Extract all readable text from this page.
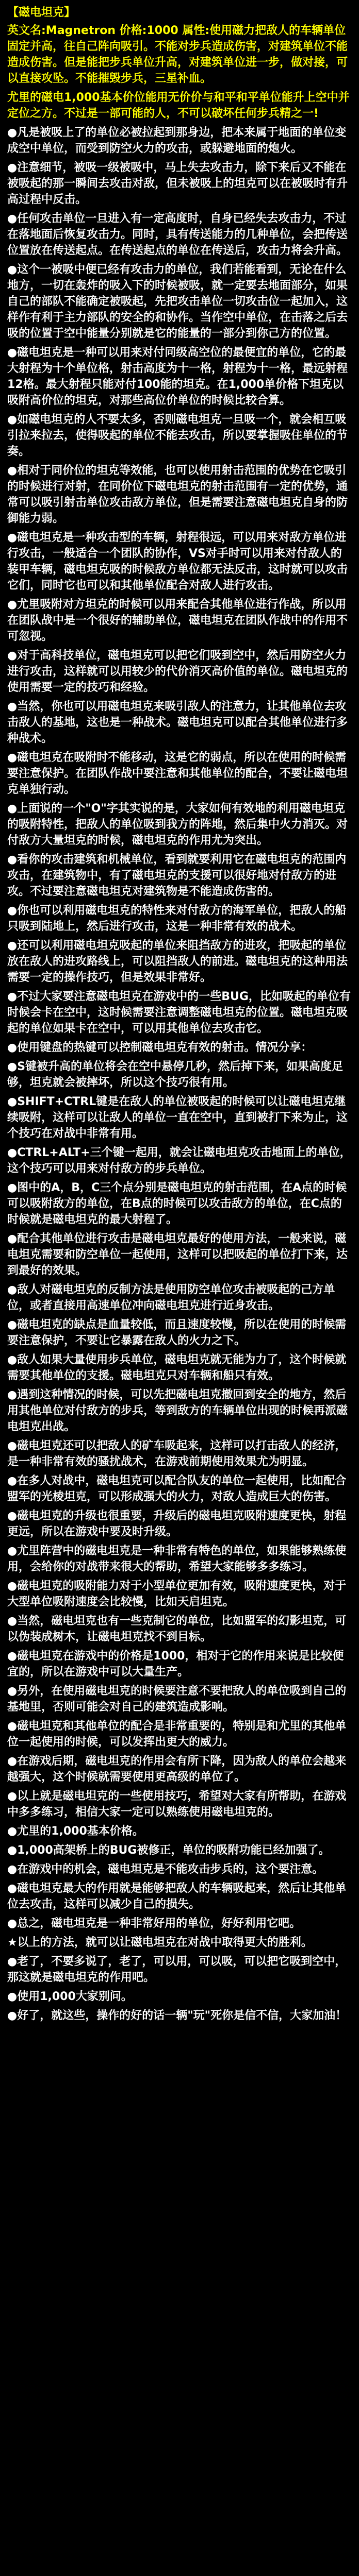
【磁电坦克】
英文名:Magnetron 价格:1000 属性:使用磁力把敌人的车辆单位固定并高，往自己阵向吸引。不能对步兵造成伤害，对建筑单位不能造成伤害。但是能把步兵单位升高，对建筑单位进一步，做对接，可以直接攻坠。不能摧毁步兵，三星补血。
尤里的磁电1,000基本价位能用无价价与和平和平单位能升上空中并定位之方。不过是一部可能的人，不可以破坏任何步兵精之一!
●凡是被吸上了的单位必被拉起到那身边，把本来属于地面的单位变成空中单位，而受到防空火力的攻击，或躲避地面的炮火。
●注意细节，被吸一级被吸中，马上失去攻击力，除下来后又不能在被吸起的那一瞬间去攻击对敌，但未被吸上的坦克可以在被吸时有升高过程中反击。
●任何攻击单位一旦进入有一定高度时，自身已经失去攻击力，不过在落地面后恢复攻击力。同时，具有传送能力的几种单位，会把传送位置放在传送起点。在传送起点的单位在传送后，攻击力将会升高。
●这个一被吸中便已经有攻击力的单位，我们若能看到，无论在什么地方，一切在轰炸的吸入下的时候被吸，就一定要去地面部分，如果自己的部队不能确定被吸起，先把攻击单位一切攻击位一起加入，这样作有利于主力部队的安全的和协作。当作空中单位，在击落之后去吸的位置于空中能量分别就是它的能量的一部分到你己方的位置。
●磁电坦克是一种可以用来对付同级高空位的最便宜的单位，它的最大射程为十个单位格，射击高度为十一格，射程为十一格，最远射程12格。最大射程只能对付100能的坦克。在1,000单价格下坦克以吸附高价位的坦克，对那些高位价单位的时候比较合算。
●如磁电坦克的人不要太多，否则磁电坦克一旦吸一个，就会相互吸引拉来拉去，使得吸起的单位不能去攻击，所以要掌握吸住单位的节奏。
●相对于同价位的坦克等效能，也可以使用射击范围的优势在它吸引的时候进行对射，在同价位下磁电坦克的射击范围有一定的优势，通常可以吸引射击单位攻击敌方单位，但是需要注意磁电坦克自身的防御能力弱。
●磁电坦克是一种攻击型的车辆，射程很远，可以用来对敌方单位进行攻击，一般适合一个团队的协作，VS对手时可以用来对付敌人的装甲车辆，磁电坦克吸的时候敌方单位都无法反击，这时就可以攻击它们，同时它也可以和其他单位配合对敌人进行攻击。
●尤里吸附对方坦克的时候可以用来配合其他单位进行作战，所以用在团队战中是一个很好的辅助单位，磁电坦克在团队作战中的作用不可忽视。
●对于高科技单位，磁电坦克可以把它们吸到空中，然后用防空火力进行攻击，这样就可以用较少的代价消灭高价值的单位。磁电坦克的使用需要一定的技巧和经验。
●当然，你也可以用磁电坦克来吸引敌人的注意力，让其他单位去攻击敌人的基地，这也是一种战术。磁电坦克可以配合其他单位进行多种战术。
●磁电坦克在吸附时不能移动，这是它的弱点，所以在使用的时候需要注意保护。在团队作战中要注意和其他单位的配合，不要让磁电坦克单独行动。
●上面说的一个"O"字其实说的是，大家如何有效地的利用磁电坦克的吸附特性，把敌人的单位吸到我方的阵地，然后集中火力消灭。对付敌方大量坦克的时候，磁电坦克的作用尤为突出。
●看你的攻击建筑和机械单位，看到就要利用它在磁电坦克的范围内攻击，在建筑物中，有了磁电坦克的支援可以很好地对付敌方的进攻。不过要注意磁电坦克对建筑物是不能造成伤害的。
●你也可以利用磁电坦克的特性来对付敌方的海军单位，把敌人的船只吸到陆地上，然后进行攻击，这是一种非常有效的战术。
●还可以利用磁电坦克吸起的单位来阻挡敌方的进攻，把吸起的单位放在敌人的进攻路线上，可以阻挡敌人的前进。磁电坦克的这种用法需要一定的操作技巧，但是效果非常好。
●不过大家要注意磁电坦克在游戏中的一些BUG，比如吸起的单位有时候会卡在空中，这时候需要注意调整磁电坦克的位置。磁电坦克吸起的单位如果卡在空中，可以用其他单位去攻击它。
●使用键盘的热键可以控制磁电坦克有效的射击。情况分享：
●S键被升高的单位将会在空中悬停几秒，然后掉下来，如果高度足够，坦克就会被摔坏，所以这个技巧很有用。
●SHIFT+CTRL键是在敌人的单位被吸起的时候可以让磁电坦克继续吸附，这样可以让敌人的单位一直在空中，直到被打下来为止，这个技巧在对战中非常有用。
●CTRL+ALT+三个键一起用，就会让磁电坦克攻击地面上的单位，这个技巧可以用来对付敌方的步兵单位。
●图中的A，B，C三个点分别是磁电坦克的射击范围，在A点的时候可以吸附敌方的单位，在B点的时候可以攻击敌方的单位，在C点的时候就是磁电坦克的最大射程了。
●配合其他单位进行攻击是磁电坦克最好的使用方法，一般来说，磁电坦克需要和防空单位一起使用，这样可以把吸起的单位打下来，达到最好的效果。
●敌人对磁电坦克的反制方法是使用防空单位攻击被吸起的己方单位，或者直接用高速单位冲向磁电坦克进行近身攻击。
●磁电坦克的缺点是血量较低，而且速度较慢，所以在使用的时候需要注意保护，不要让它暴露在敌人的火力之下。
●敌人如果大量使用步兵单位，磁电坦克就无能为力了，这个时候就需要其他单位的支援。磁电坦克只对车辆和船只有效。
●遇到这种情况的时候，可以先把磁电坦克撤回到安全的地方，然后用其他单位对付敌方的步兵，等到敌方的车辆单位出现的时候再派磁电坦克出战。
●磁电坦克还可以把敌人的矿车吸起来，这样可以打击敌人的经济，是一种非常有效的骚扰战术，在游戏前期使用效果尤为明显。
●在多人对战中，磁电坦克可以配合队友的单位一起使用，比如配合盟军的光棱坦克，可以形成强大的火力，对敌人造成巨大的伤害。
●磁电坦克的升级也很重要，升级后的磁电坦克吸附速度更快，射程更远，所以在游戏中要及时升级。
●尤里阵营中的磁电坦克是一种非常有特色的单位，如果能够熟练使用，会给你的对战带来很大的帮助，希望大家能够多多练习。
●磁电坦克的吸附能力对于小型单位更加有效，吸附速度更快，对于大型单位吸附速度会比较慢，比如天启坦克。
●当然，磁电坦克也有一些克制它的单位，比如盟军的幻影坦克，可以伪装成树木，让磁电坦克找不到目标。
●磁电坦克在游戏中的价格是1000，相对于它的作用来说是比较便宜的，所以在游戏中可以大量生产。
●另外，在使用磁电坦克的时候要注意不要把敌人的单位吸到自己的基地里，否则可能会对自己的建筑造成影响。
●磁电坦克和其他单位的配合是非常重要的，特别是和尤里的其他单位一起使用的时候，可以发挥出更大的威力。
●在游戏后期，磁电坦克的作用会有所下降，因为敌人的单位会越来越强大，这个时候就需要使用更高级的单位了。
●以上就是磁电坦克的一些使用技巧，希望对大家有所帮助，在游戏中多多练习，相信大家一定可以熟练使用磁电坦克的。
●尤里的1,000基本价格。
●1,000高架桥上的BUG被修正，单位的吸附功能已经加强了。
●在游戏中的机会，磁电坦克是不能攻击步兵的，这个要注意。
●磁电坦克最大的作用就是能够把敌人的车辆吸起来，然后让其他单位去攻击，这样可以减少自己的损失。
●总之，磁电坦克是一种非常好用的单位，好好利用它吧。
★以上的方法，就可以让磁电坦克在对战中取得更大的胜利。
●老了，不要多说了，老了，可以用，可以吸，可以把它吸到空中，那这就是磁电坦克的作用吧。
●使用1,000大家别问。
●好了，就这些，操作的好的话一辆"玩"死你是信不信，大家加油！
